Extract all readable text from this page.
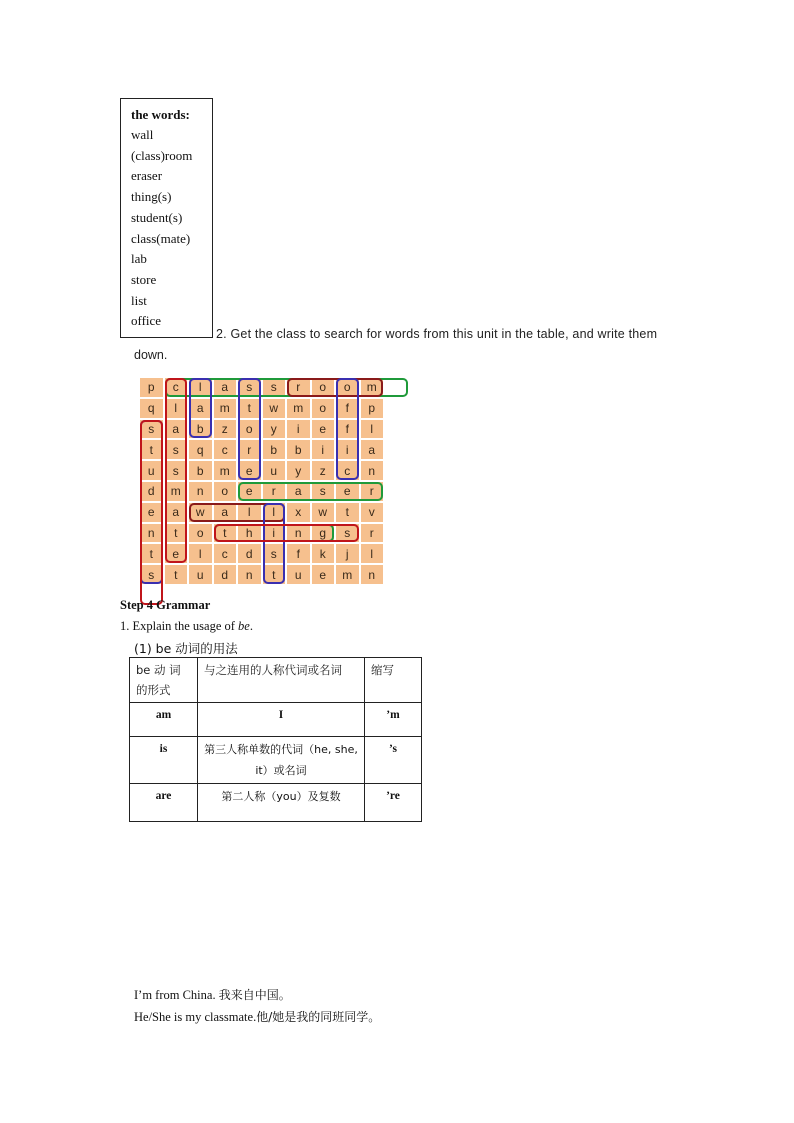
the words:
wall
(class)room
eraser
thing(s)
student(s)
class(mate)
lab
store
list
office
2. Get the class to search for words from this unit in the table, and write them
down.
p	c	l	a	s	s	r	o	o	m
q	l	a	m	t	w	m	o	f	p
s	a	b	z	o	y	i	e	f	l
t	s	q	c	r	b	b	i	i	a
u	s	b	m	e	u	y	z	c	n
d	m	n	o	e	r	a	s	e	r
e	a	w	a	l	l	x	w	t	v
n	t	o	t	h	i	n	g	s	r
t	e	l	c	d	s	f	k	j	l
s	t	u	d	n	t	u	e	m	n
Step 4 Grammar
1. Explain the usage of be.
(1) be 动词的用法
be 动 词的形式	与之连用的人称代词或名词	缩写
am	I	’m
is	第三人称单数的代词（he, she, it）或名词	’s
are	第二人称（you）及复数	’re
I’m from China. 我来自中国。
He/She is my classmate.他/她是我的同班同学。
